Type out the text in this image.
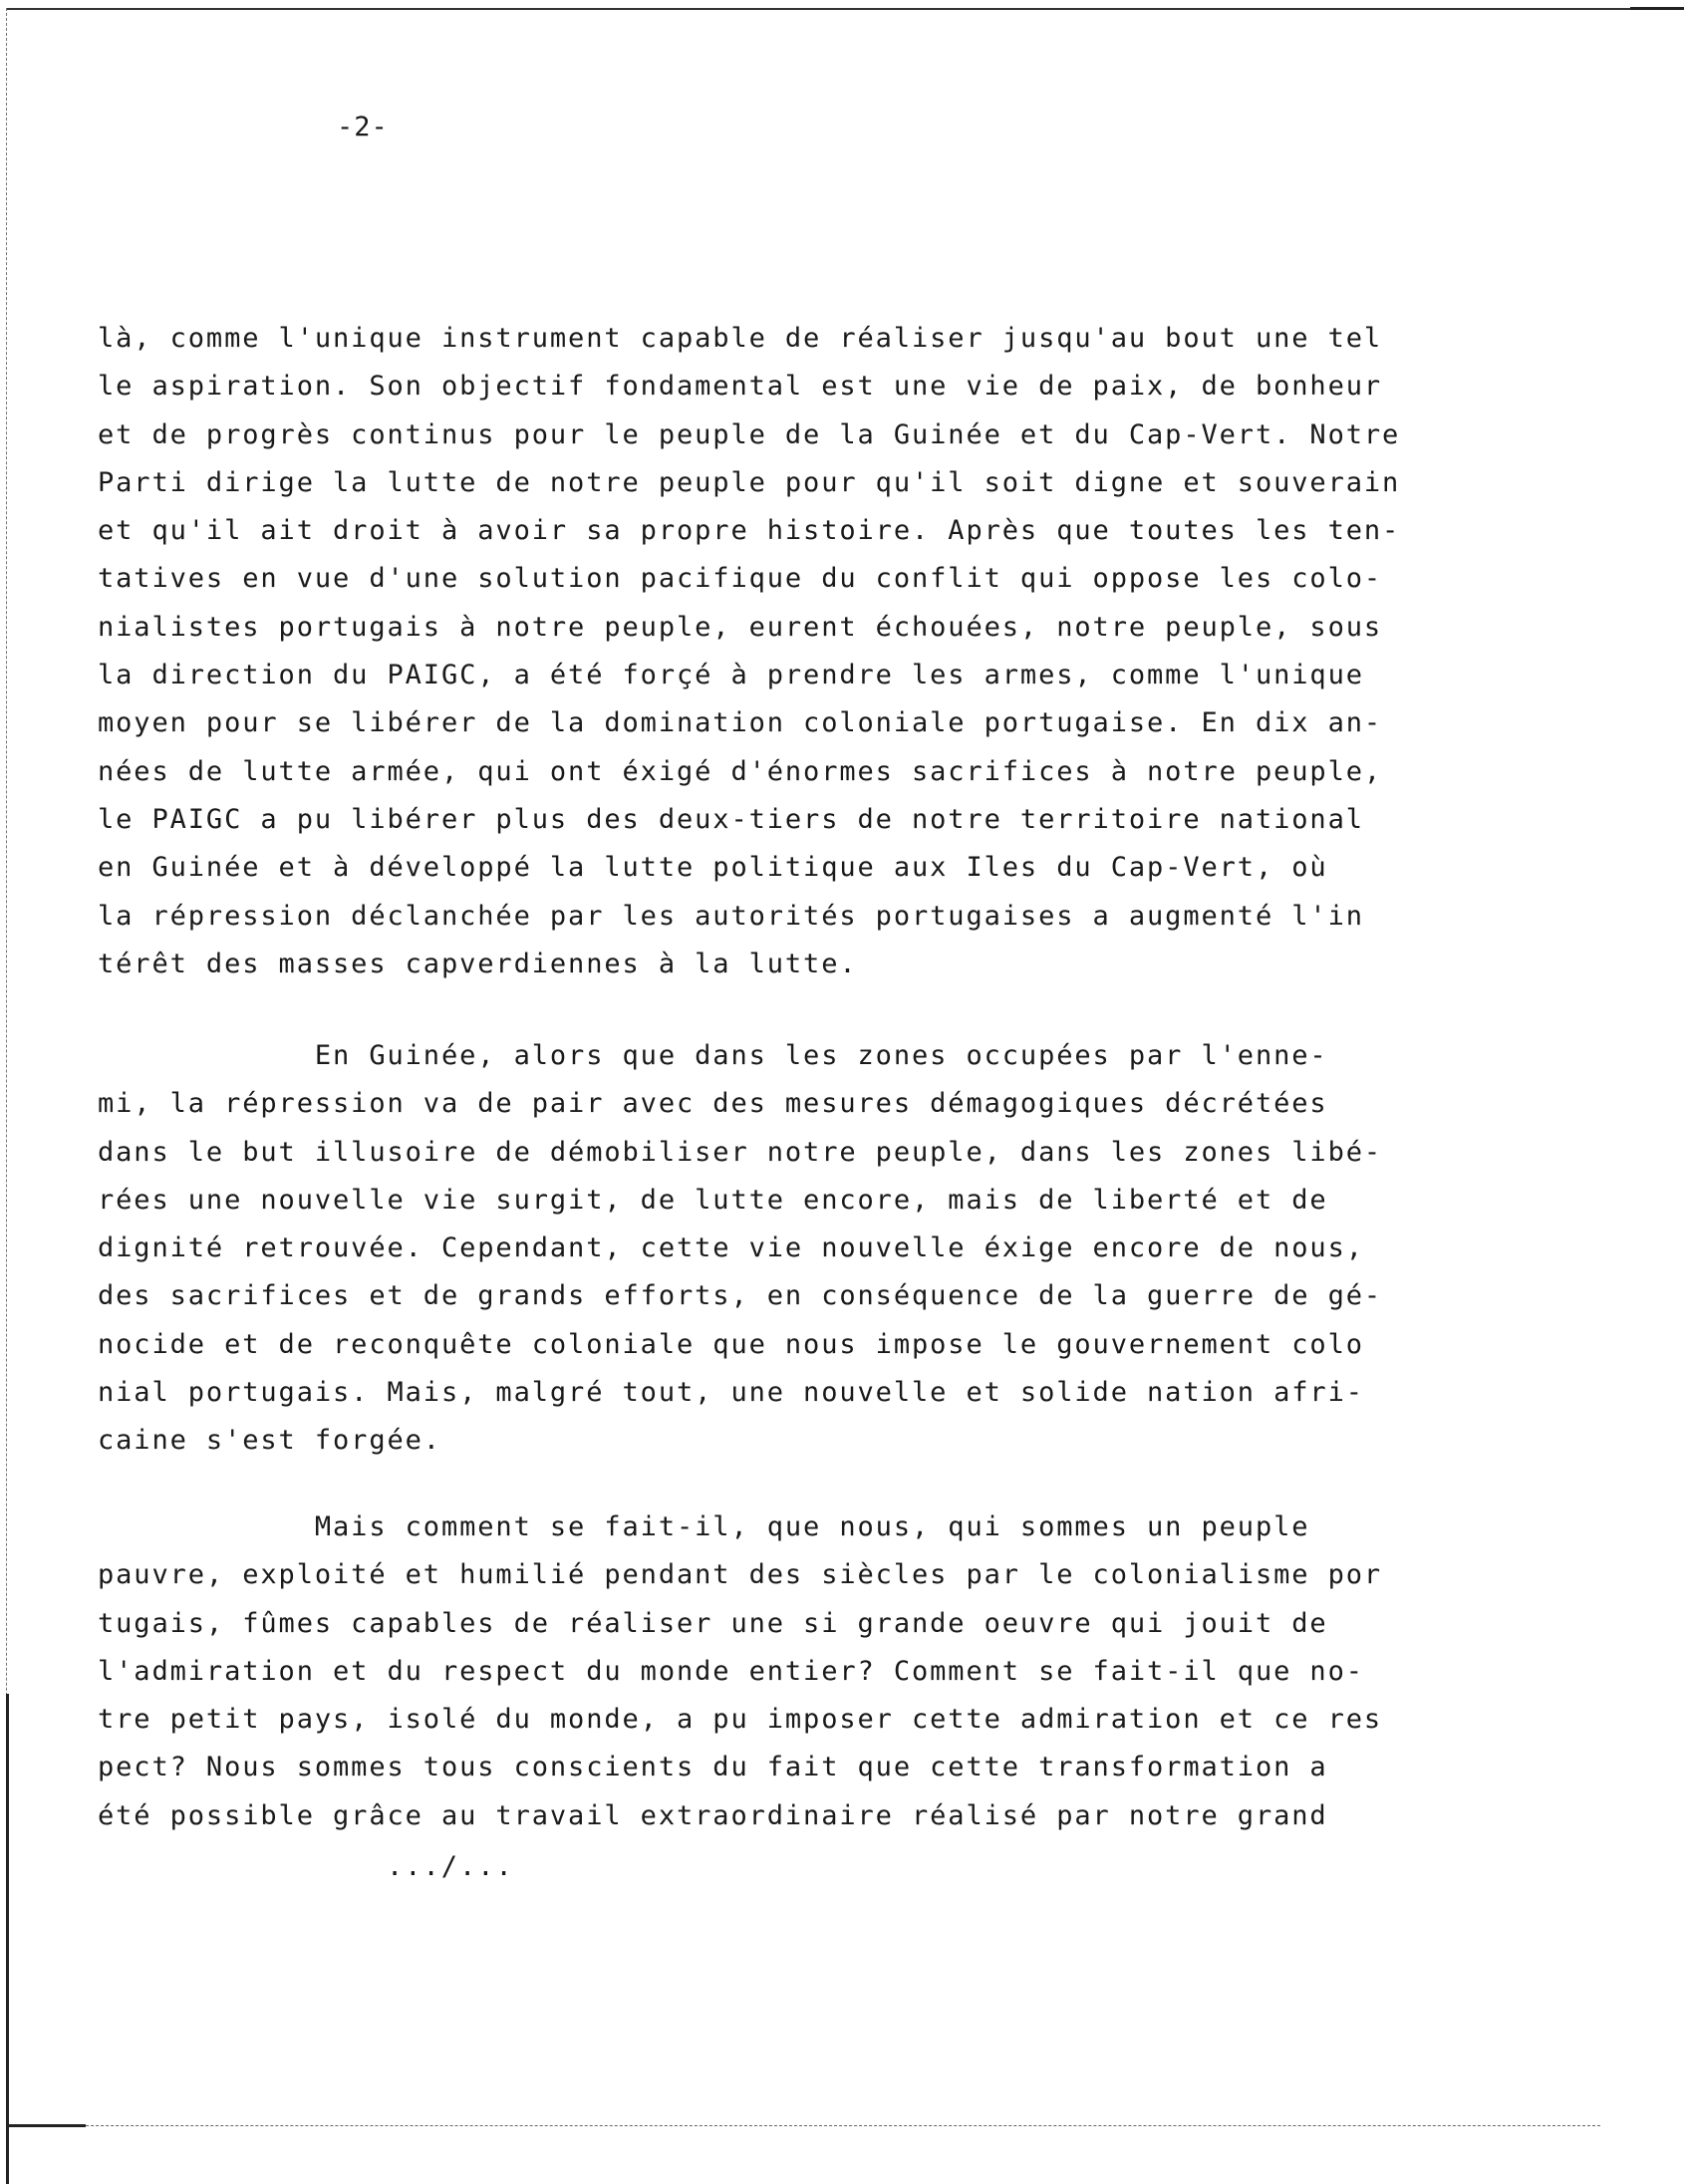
-2-
là, comme l'unique instrument capable de réaliser jusqu'au bout une tel
le aspiration. Son objectif fondamental est une vie de paix, de bonheur
et de progrès continus pour le peuple de la Guinée et du Cap-Vert. Notre
Parti dirige la lutte de notre peuple pour qu'il soit digne et souverain
et qu'il ait droit à avoir sa propre histoire. Après que toutes les ten-
tatives en vue d'une solution pacifique du conflit qui oppose les colo-
nialistes portugais à notre peuple, eurent échouées, notre peuple, sous
la direction du PAIGC, a été forçé à prendre les armes, comme l'unique
moyen pour se libérer de la domination coloniale portugaise. En dix an-
nées de lutte armée, qui ont éxigé d'énormes sacrifices à notre peuple,
le PAIGC a pu libérer plus des deux-tiers de notre territoire national
en Guinée et à développé la lutte politique aux Iles du Cap-Vert, où
la répression déclanchée par les autorités portugaises a augmenté l'in
térêt des masses capverdiennes à la lutte.
En Guinée, alors que dans les zones occupées par l'enne-
mi, la répression va de pair avec des mesures démagogiques décrétées
dans le but illusoire de démobiliser notre peuple, dans les zones libé-
rées une nouvelle vie surgit, de lutte encore, mais de liberté et de
dignité retrouvée. Cependant, cette vie nouvelle éxige encore de nous,
des sacrifices et de grands efforts, en conséquence de la guerre de gé-
nocide et de reconquête coloniale que nous impose le gouvernement colo
nial portugais. Mais, malgré tout, une nouvelle et solide nation afri-
caine s'est forgée.
Mais comment se fait-il, que nous, qui sommes un peuple
pauvre, exploité et humilié pendant des siècles par le colonialisme por
tugais, fûmes capables de réaliser une si grande oeuvre qui jouit de
l'admiration et du respect du monde entier? Comment se fait-il que no-
tre petit pays, isolé du monde, a pu imposer cette admiration et ce res
pect? Nous sommes tous conscients du fait que cette transformation a
été possible grâce au travail extraordinaire réalisé par notre grand
.../...
